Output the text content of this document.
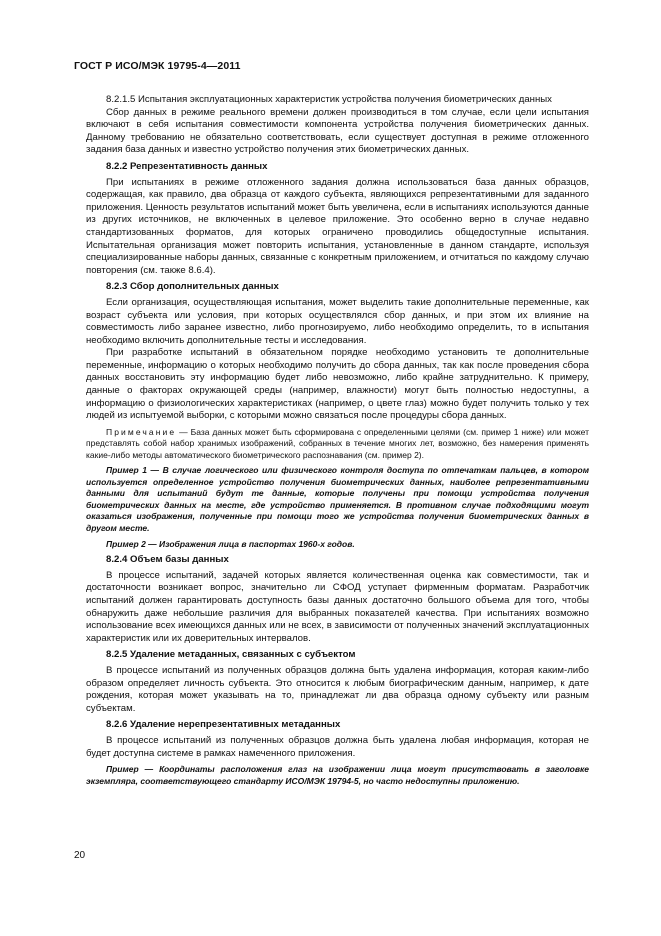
ГОСТ Р ИСО/МЭК 19795-4—2011

8.2.1.5 Испытания эксплуатационных характеристик устройства получения биометрических данных

Сбор данных в режиме реального времени должен производиться в том случае, если цели испытания включают в себя испытания совместимости компонента устройства получения биометрических данных. Данному требованию не обязательно соответствовать, если существует доступная в режиме отложенного задания база данных и известно устройство получения этих биометрических данных.

8.2.2 Репрезентативность данных

При испытаниях в режиме отложенного задания должна использоваться база данных образцов, содержащая, как правило, два образца от каждого субъекта, являющихся репрезентативными для заданного приложения. Ценность результатов испытаний может быть увеличена, если в испытаниях используются данные из других источников, не включенных в целевое приложение. Это особенно верно в случае недавно стандартизованных форматов, для которых ограничено проводились общедоступные испытания. Испытательная организация может повторить испытания, установленные в данном стандарте, используя специализированные наборы данных, связанные с конкретным приложением, и отчитаться по каждому случаю повторения (см. также 8.6.4).

8.2.3 Сбор дополнительных данных

Если организация, осуществляющая испытания, может выделить такие дополнительные переменные, как возраст субъекта или условия, при которых осуществлялся сбор данных, и при этом их влияние на совместимость либо заранее известно, либо прогнозируемо, либо необходимо определить, то в испытания необходимо включить дополнительные тесты и исследования.

При разработке испытаний в обязательном порядке необходимо установить те дополнительные переменные, информацию о которых необходимо получить до сбора данных, так как после проведения сбора данных восстановить эту информацию будет либо невозможно, либо крайне затруднительно. К примеру, данные о факторах окружающей среды (например, влажности) могут быть полностью недоступны, а информацию о физиологических характеристиках (например, о цвете глаз) можно будет получить только у тех людей из испытуемой выборки, с которыми можно связаться после процедуры сбора данных.

Примечание — База данных может быть сформирована с определенными целями (см. пример 1 ниже) или может представлять собой набор хранимых изображений, собранных в течение многих лет, возможно, без намерения применять какие-либо методы автоматического биометрического распознавания (см. пример 2).

Пример 1 — В случае логического или физического контроля доступа по отпечаткам пальцев, в котором используется определенное устройство получения биометрических данных, наиболее репрезентативными данными для испытаний будут те данные, которые получены при помощи устройства получения биометрических данных на месте, где устройство применяется. В противном случае подходящими могут оказаться изображения, полученные при помощи того же устройства получения биометрических данных в другом месте.

Пример 2 — Изображения лица в паспортах 1960-х годов.

8.2.4 Объем базы данных

В процессе испытаний, задачей которых является количественная оценка как совместимости, так и достаточности возникает вопрос, значительно ли СФОД уступает фирменным форматам. Разработчик испытаний должен гарантировать доступность базы данных достаточно большого объема для того, чтобы обнаружить даже небольшие различия для выбранных показателей качества. При испытаниях возможно использование всех имеющихся данных или не всех, в зависимости от полученных значений эксплуатационных характеристик или их доверительных интервалов.

8.2.5 Удаление метаданных, связанных с субъектом

В процессе испытаний из полученных образцов должна быть удалена информация, которая каким-либо образом определяет личность субъекта. Это относится к любым биографическим данным, например, к дате рождения, которая может указывать на то, принадлежат ли два образца одному субъекту или разным субъектам.

8.2.6 Удаление нерепрезентативных метаданных

В процессе испытаний из полученных образцов должна быть удалена любая информация, которая не будет доступна системе в рамках намеченного приложения.

Пример — Координаты расположения глаз на изображении лица могут присутствовать в заголовке экземпляра, соответствующего стандарту ИСО/МЭК 19794-5, но часто недоступны приложению.

20
